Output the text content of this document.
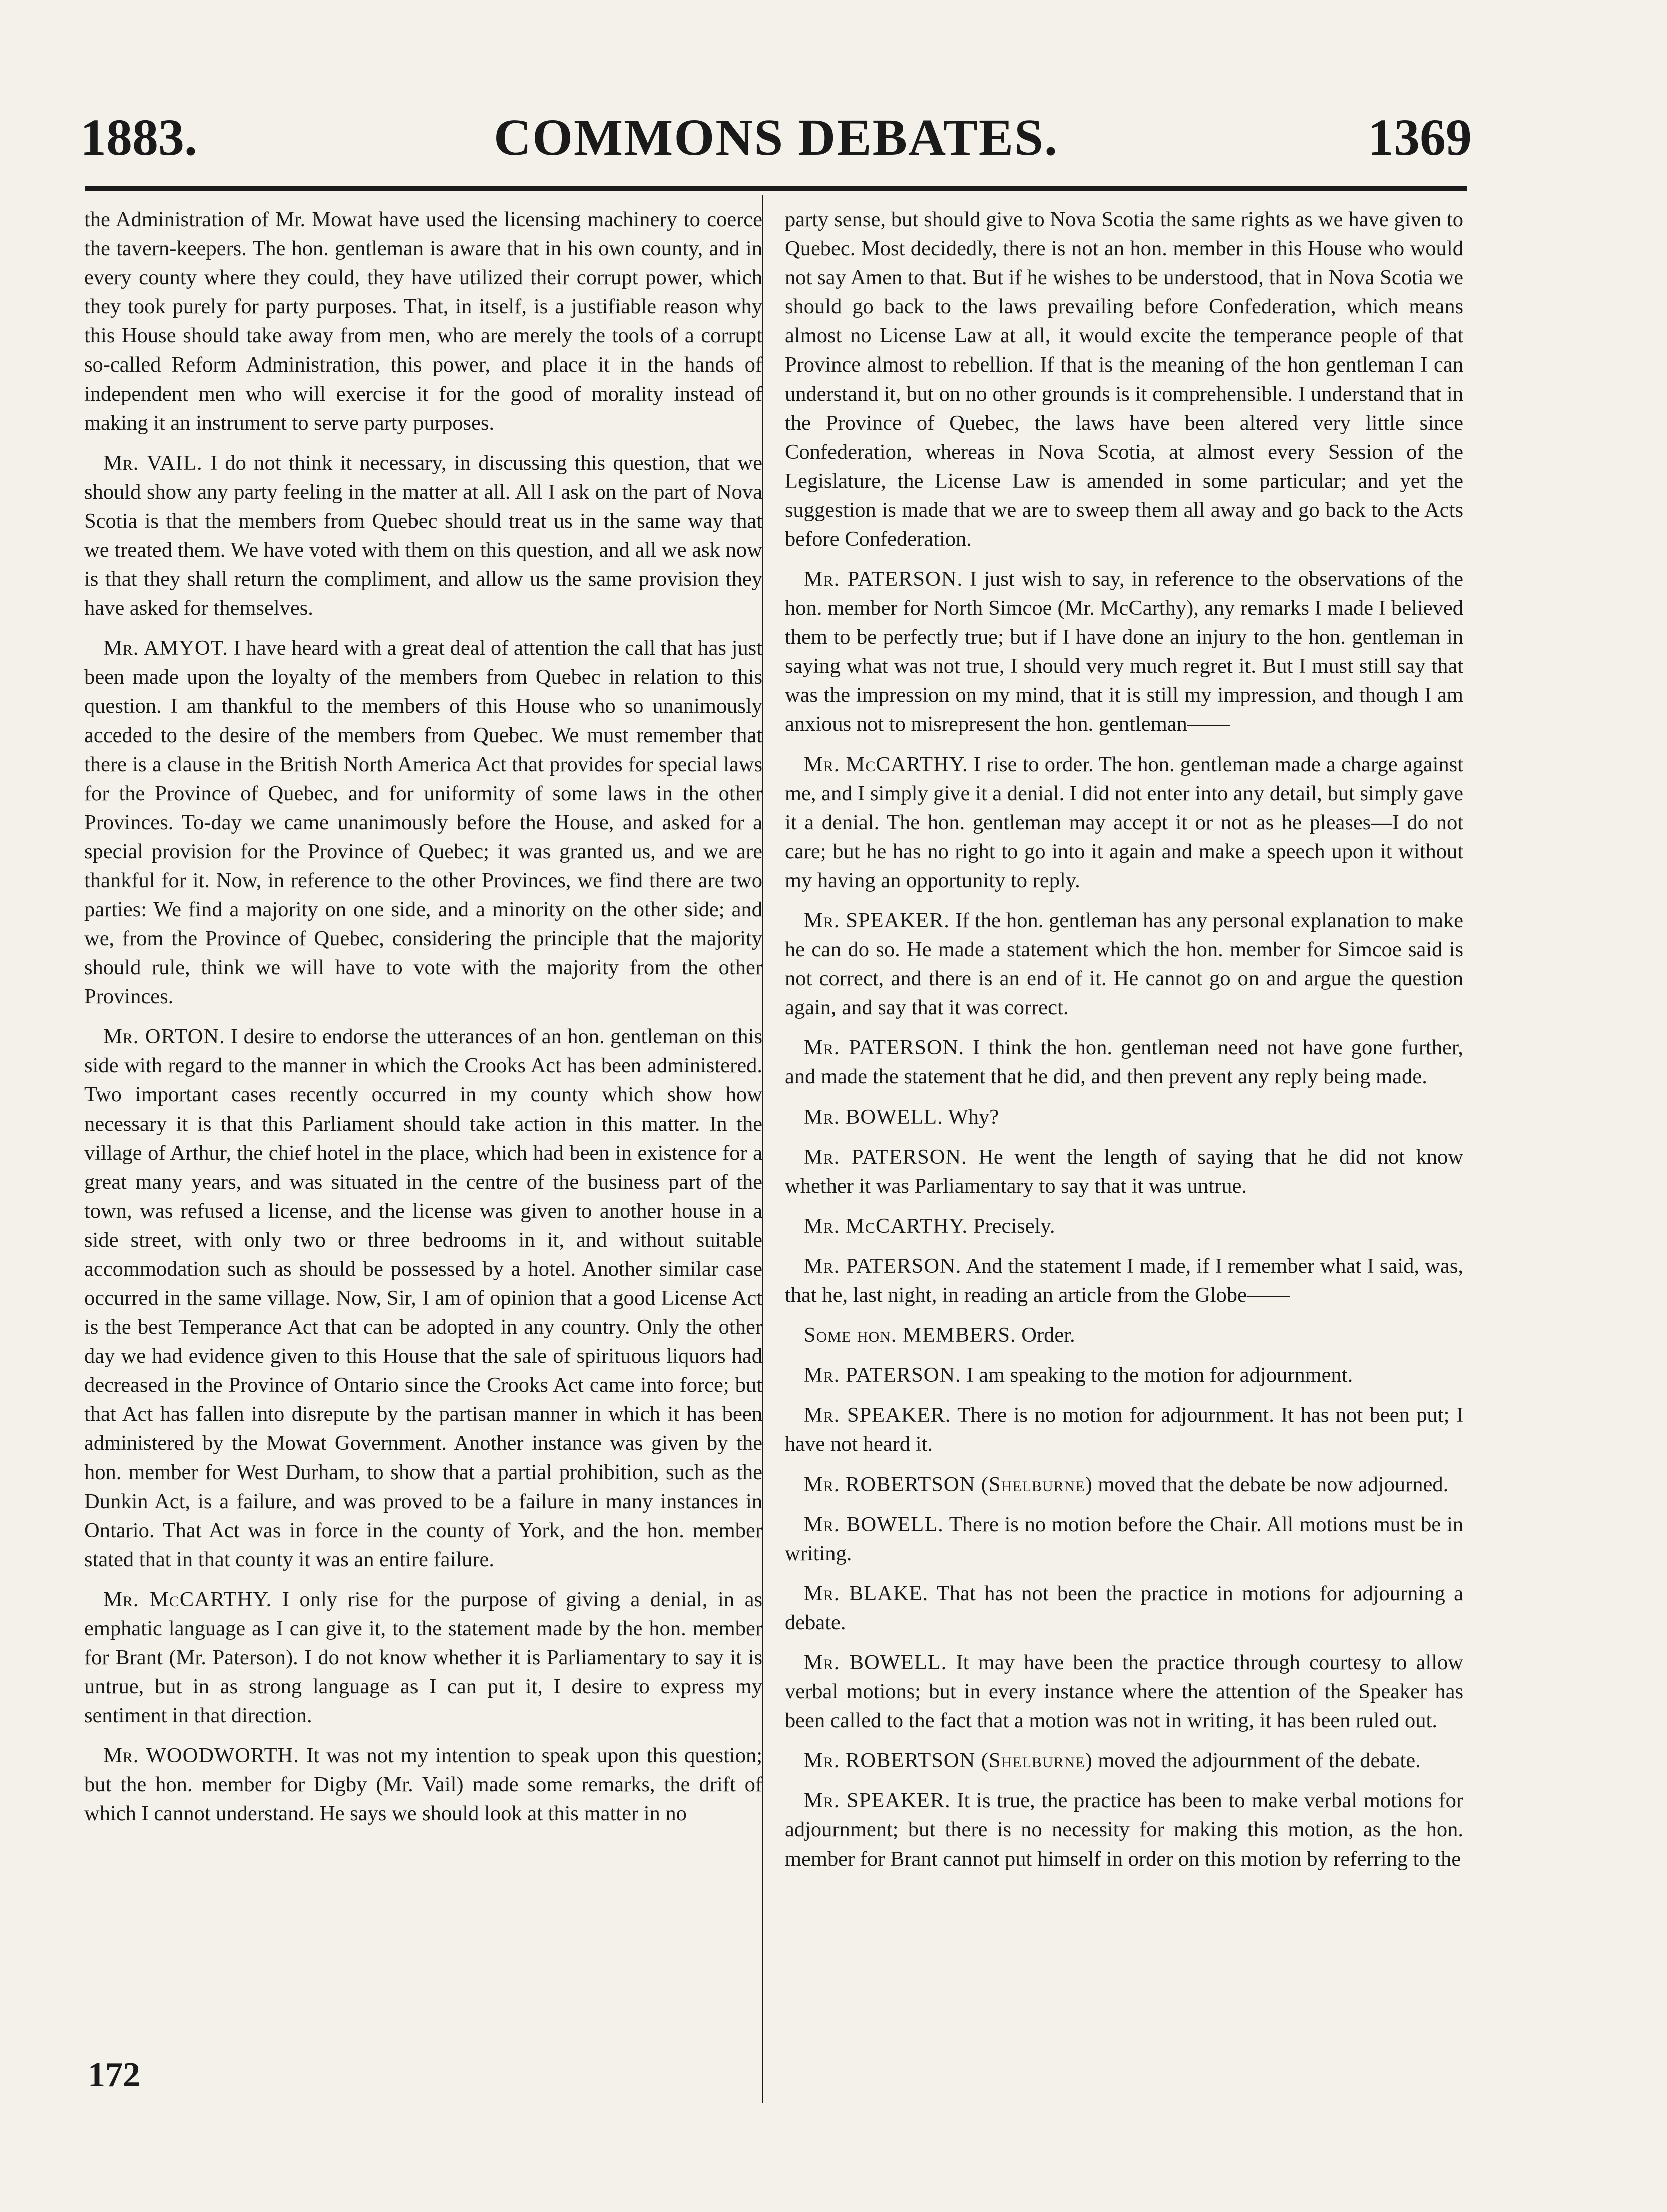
1883.	COMMONS DEBATES.	1369

the Administration of Mr. Mowat have used the licensing machinery to coerce the tavern-keepers. The hon. gentleman is aware that in his own county, and in every county where they could, they have utilized their corrupt power, which they took purely for party purposes. That, in itself, is a justifiable reason why this House should take away from men, who are merely the tools of a corrupt so-called Reform Administration, this power, and place it in the hands of independent men who will exercise it for the good of morality instead of making it an instrument to serve party purposes.

Mr. VAIL. I do not think it necessary, in discussing this question, that we should show any party feeling in the matter at all. All I ask on the part of Nova Scotia is that the members from Quebec should treat us in the same way that we treated them. We have voted with them on this question, and all we ask now is that they shall return the compliment, and allow us the same provision they have asked for themselves.

Mr. AMYOT. I have heard with a great deal of attention the call that has just been made upon the loyalty of the members from Quebec in relation to this question. I am thankful to the members of this House who so unanimously acceded to the desire of the members from Quebec. We must remember that there is a clause in the British North America Act that provides for special laws for the Province of Quebec, and for uniformity of some laws in the other Provinces. To-day we came unanimously before the House, and asked for a special provision for the Province of Quebec; it was granted us, and we are thankful for it. Now, in reference to the other Provinces, we find there are two parties: We find a majority on one side, and a minority on the other side; and we, from the Province of Quebec, considering the principle that the majority should rule, think we will have to vote with the majority from the other Provinces.

Mr. ORTON. I desire to endorse the utterances of an hon. gentleman on this side with regard to the manner in which the Crooks Act has been administered. Two important cases recently occurred in my county which show how necessary it is that this Parliament should take action in this matter. In the village of Arthur, the chief hotel in the place, which had been in existence for a great many years, and was situated in the centre of the business part of the town, was refused a license, and the license was given to another house in a side street, with only two or three bedrooms in it, and without suitable accommodation such as should be possessed by a hotel. Another similar case occurred in the same village. Now, Sir, I am of opinion that a good License Act is the best Temperance Act that can be adopted in any country. Only the other day we had evidence given to this House that the sale of spirituous liquors had decreased in the Province of Ontario since the Crooks Act came into force; but that Act has fallen into disrepute by the partisan manner in which it has been administered by the Mowat Government. Another instance was given by the hon. member for West Durham, to show that a partial prohibition, such as the Dunkin Act, is a failure, and was proved to be a failure in many instances in Ontario. That Act was in force in the county of York, and the hon. member stated that in that county it was an entire failure.

Mr. McCARTHY. I only rise for the purpose of giving a denial, in as emphatic language as I can give it, to the statement made by the hon. member for Brant (Mr. Paterson). I do not know whether it is Parliamentary to say it is untrue, but in as strong language as I can put it, I desire to express my sentiment in that direction.

Mr. WOODWORTH. It was not my intention to speak upon this question; but the hon. member for Digby (Mr. Vail) made some remarks, the drift of which I cannot understand. He says we should look at this matter in no

party sense, but should give to Nova Scotia the same rights as we have given to Quebec. Most decidedly, there is not an hon. member in this House who would not say Amen to that. But if he wishes to be understood, that in Nova Scotia we should go back to the laws prevailing before Confederation, which means almost no License Law at all, it would excite the temperance people of that Province almost to rebellion. If that is the meaning of the hon gentleman I can understand it, but on no other grounds is it comprehensible. I understand that in the Province of Quebec, the laws have been altered very little since Confederation, whereas in Nova Scotia, at almost every Session of the Legislature, the License Law is amended in some particular; and yet the suggestion is made that we are to sweep them all away and go back to the Acts before Confederation.

Mr. PATERSON. I just wish to say, in reference to the observations of the hon. member for North Simcoe (Mr. McCarthy), any remarks I made I believed them to be perfectly true; but if I have done an injury to the hon. gentleman in saying what was not true, I should very much regret it. But I must still say that was the impression on my mind, that it is still my impression, and though I am anxious not to misrepresent the hon. gentleman——

Mr. McCARTHY. I rise to order. The hon. gentleman made a charge against me, and I simply give it a denial. I did not enter into any detail, but simply gave it a denial. The hon. gentleman may accept it or not as he pleases—I do not care; but he has no right to go into it again and make a speech upon it without my having an opportunity to reply.

Mr. SPEAKER. If the hon. gentleman has any personal explanation to make he can do so. He made a statement which the hon. member for Simcoe said is not correct, and there is an end of it. He cannot go on and argue the question again, and say that it was correct.

Mr. PATERSON. I think the hon. gentleman need not have gone further, and made the statement that he did, and then prevent any reply being made.

Mr. BOWELL. Why?

Mr. PATERSON. He went the length of saying that he did not know whether it was Parliamentary to say that it was untrue.

Mr. McCARTHY. Precisely.

Mr. PATERSON. And the statement I made, if I remember what I said, was, that he, last night, in reading an article from the Globe——

Some hon. MEMBERS. Order.

Mr. PATERSON. I am speaking to the motion for adjournment.

Mr. SPEAKER. There is no motion for adjournment. It has not been put; I have not heard it.

Mr. ROBERTSON (Shelburne) moved that the debate be now adjourned.

Mr. BOWELL. There is no motion before the Chair. All motions must be in writing.

Mr. BLAKE. That has not been the practice in motions for adjourning a debate.

Mr. BOWELL. It may have been the practice through courtesy to allow verbal motions; but in every instance where the attention of the Speaker has been called to the fact that a motion was not in writing, it has been ruled out.

Mr. ROBERTSON (Shelburne) moved the adjournment of the debate.

Mr. SPEAKER. It is true, the practice has been to make verbal motions for adjournment; but there is no necessity for making this motion, as the hon. member for Brant cannot put himself in order on this motion by referring to the

172
